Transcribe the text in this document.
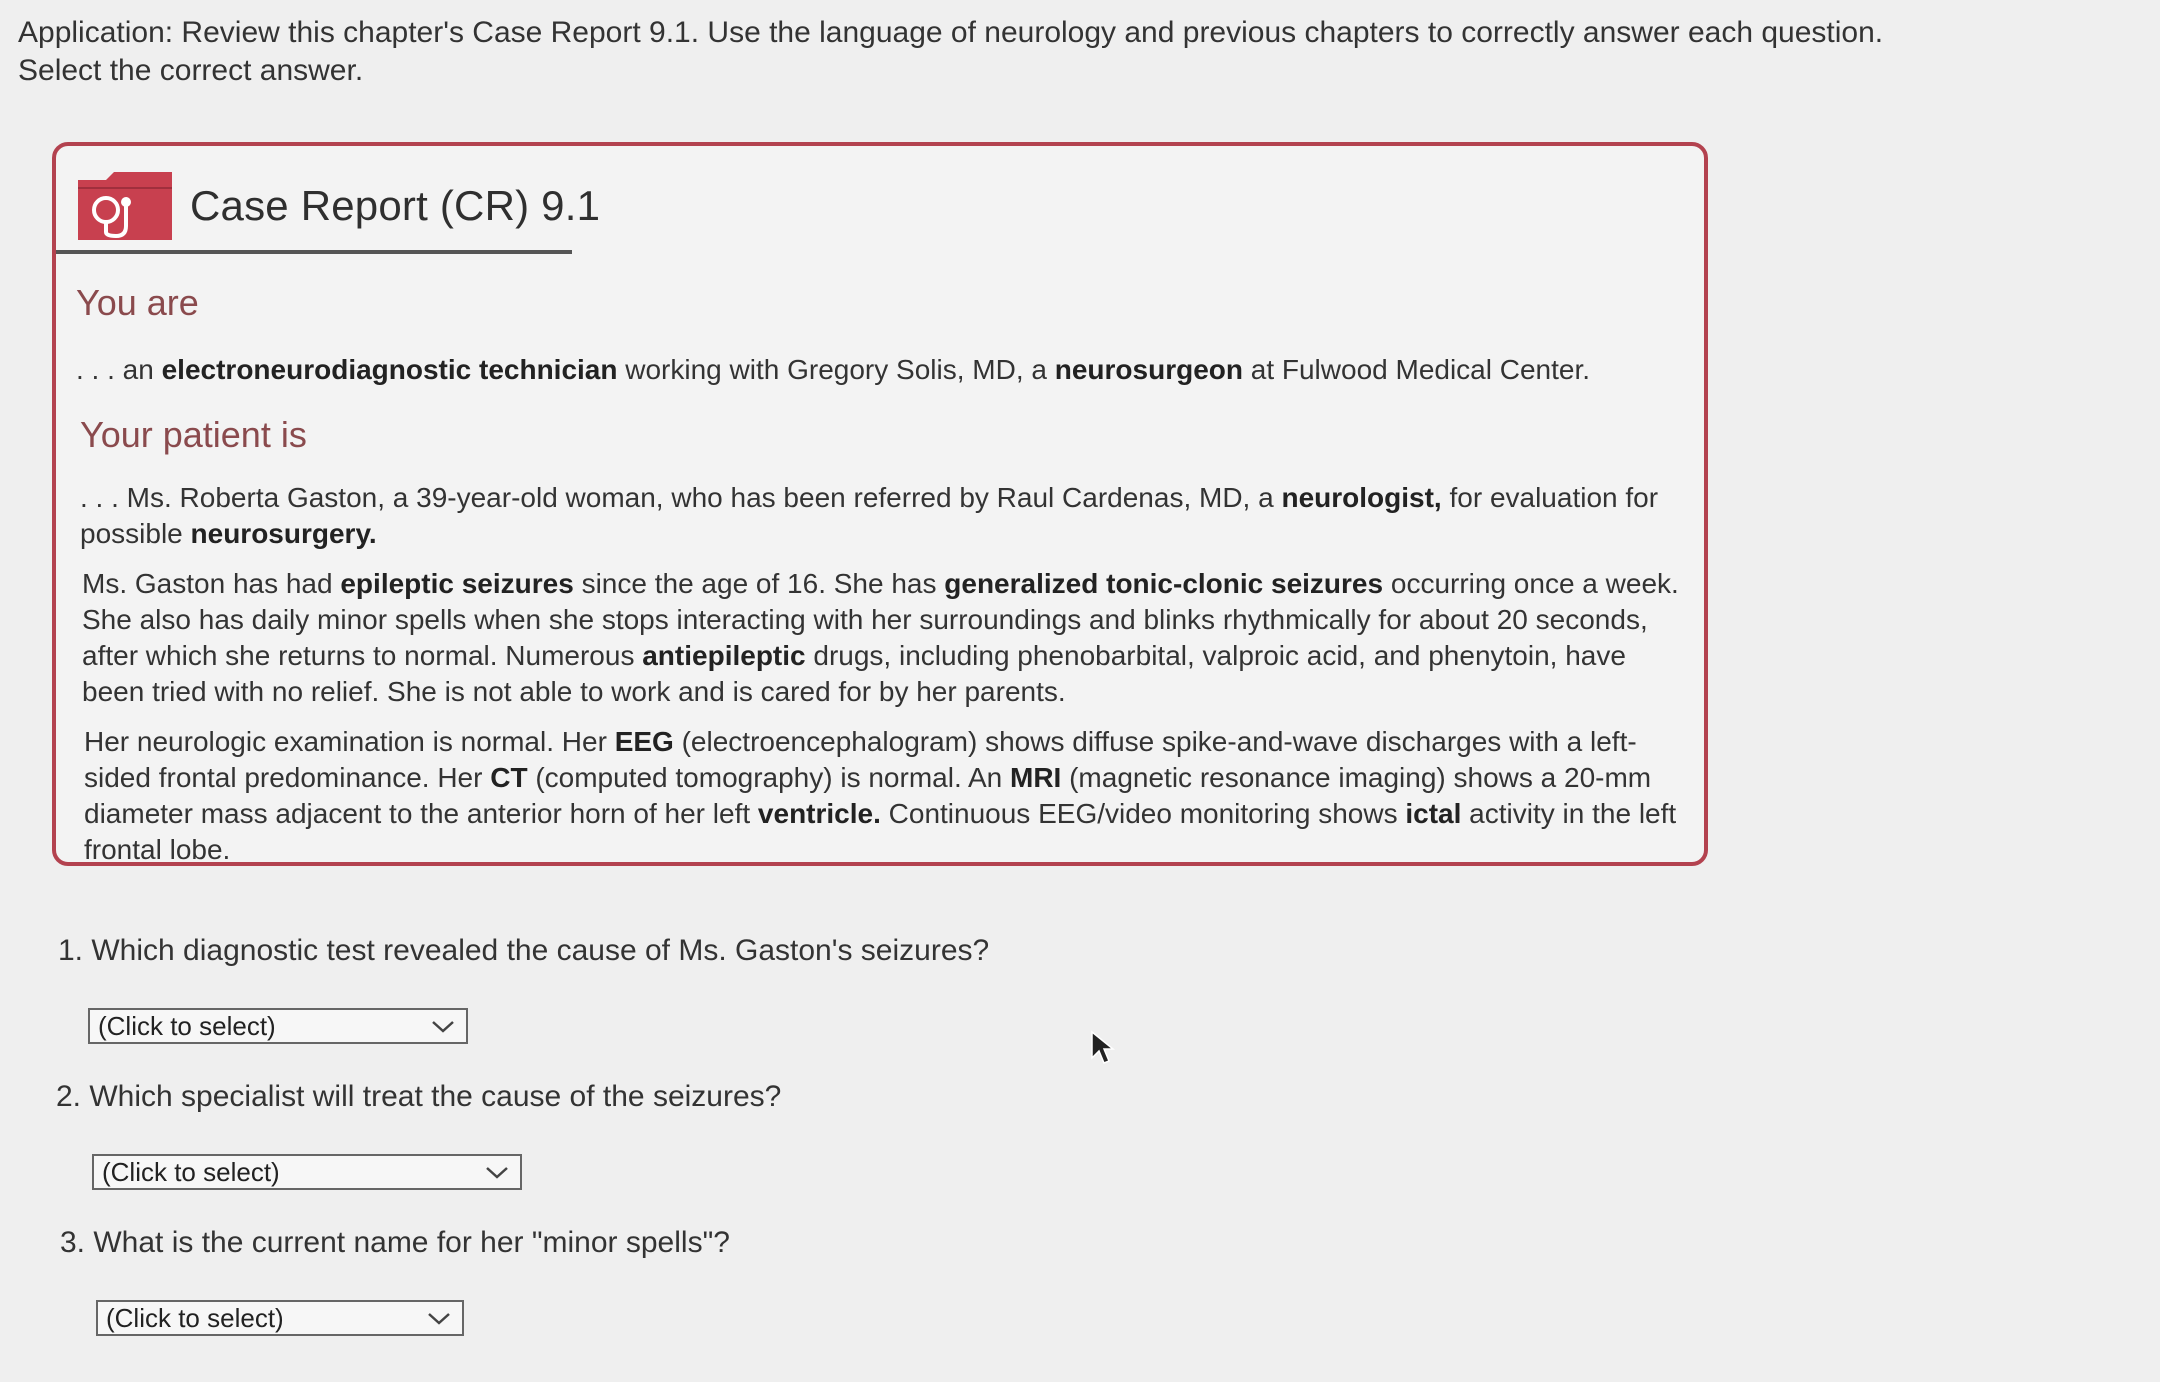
Application: Review this chapter's Case Report 9.1. Use the language of neurology and previous chapters to correctly answer each question. Select the correct answer.
Case Report (CR) 9.1
You are
. . . an electroneurodiagnostic technician working with Gregory Solis, MD, a neurosurgeon at Fulwood Medical Center.
Your patient is
. . . Ms. Roberta Gaston, a 39-year-old woman, who has been referred by Raul Cardenas, MD, a neurologist, for evaluation for possible neurosurgery.
Ms. Gaston has had epileptic seizures since the age of 16. She has generalized tonic-clonic seizures occurring once a week. She also has daily minor spells when she stops interacting with her surroundings and blinks rhythmically for about 20 seconds, after which she returns to normal. Numerous antiepileptic drugs, including phenobarbital, valproic acid, and phenytoin, have been tried with no relief. She is not able to work and is cared for by her parents.
Her neurologic examination is normal. Her EEG (electroencephalogram) shows diffuse spike-and-wave discharges with a left-sided frontal predominance. Her CT (computed tomography) is normal. An MRI (magnetic resonance imaging) shows a 20-mm diameter mass adjacent to the anterior horn of her left ventricle. Continuous EEG/video monitoring shows ictal activity in the left frontal lobe.
1. Which diagnostic test revealed the cause of Ms. Gaston's seizures?
(Click to select)
2. Which specialist will treat the cause of the seizures?
(Click to select)
3. What is the current name for her "minor spells"?
(Click to select)
